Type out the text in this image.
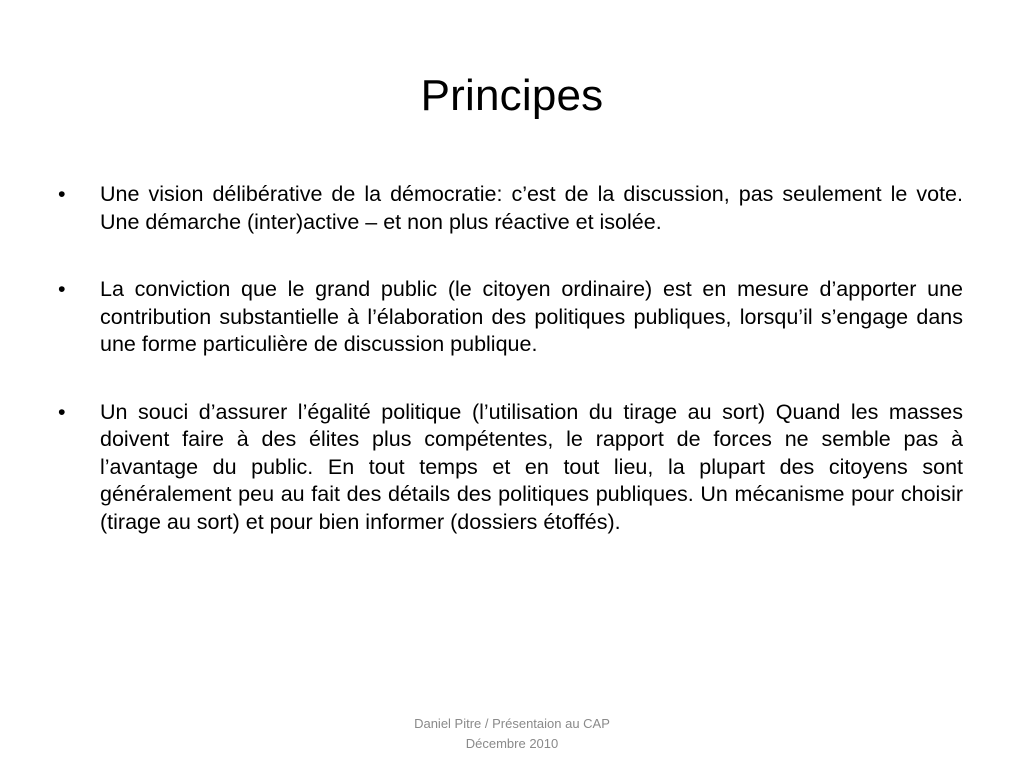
Principes
•	Une vision délibérative de la démocratie: c’est de la discussion, pas seulement le vote. Une démarche (inter)active – et non plus réactive et isolée.
•	La conviction que le grand public (le citoyen ordinaire) est en mesure d’apporter une contribution substantielle à l’élaboration des politiques publiques, lorsqu’il s’engage dans une forme particulière de discussion publique.
•	Un souci d’assurer l’égalité politique (l’utilisation du tirage au sort) Quand les masses doivent faire à des élites plus compétentes, le rapport de forces ne semble pas à l’avantage du public. En tout temps et en tout lieu, la plupart des citoyens sont généralement peu au fait des détails des politiques publiques. Un mécanisme pour choisir (tirage au sort) et pour bien informer (dossiers étoffés).
Daniel Pitre / Présentaion au CAP
Décembre 2010
